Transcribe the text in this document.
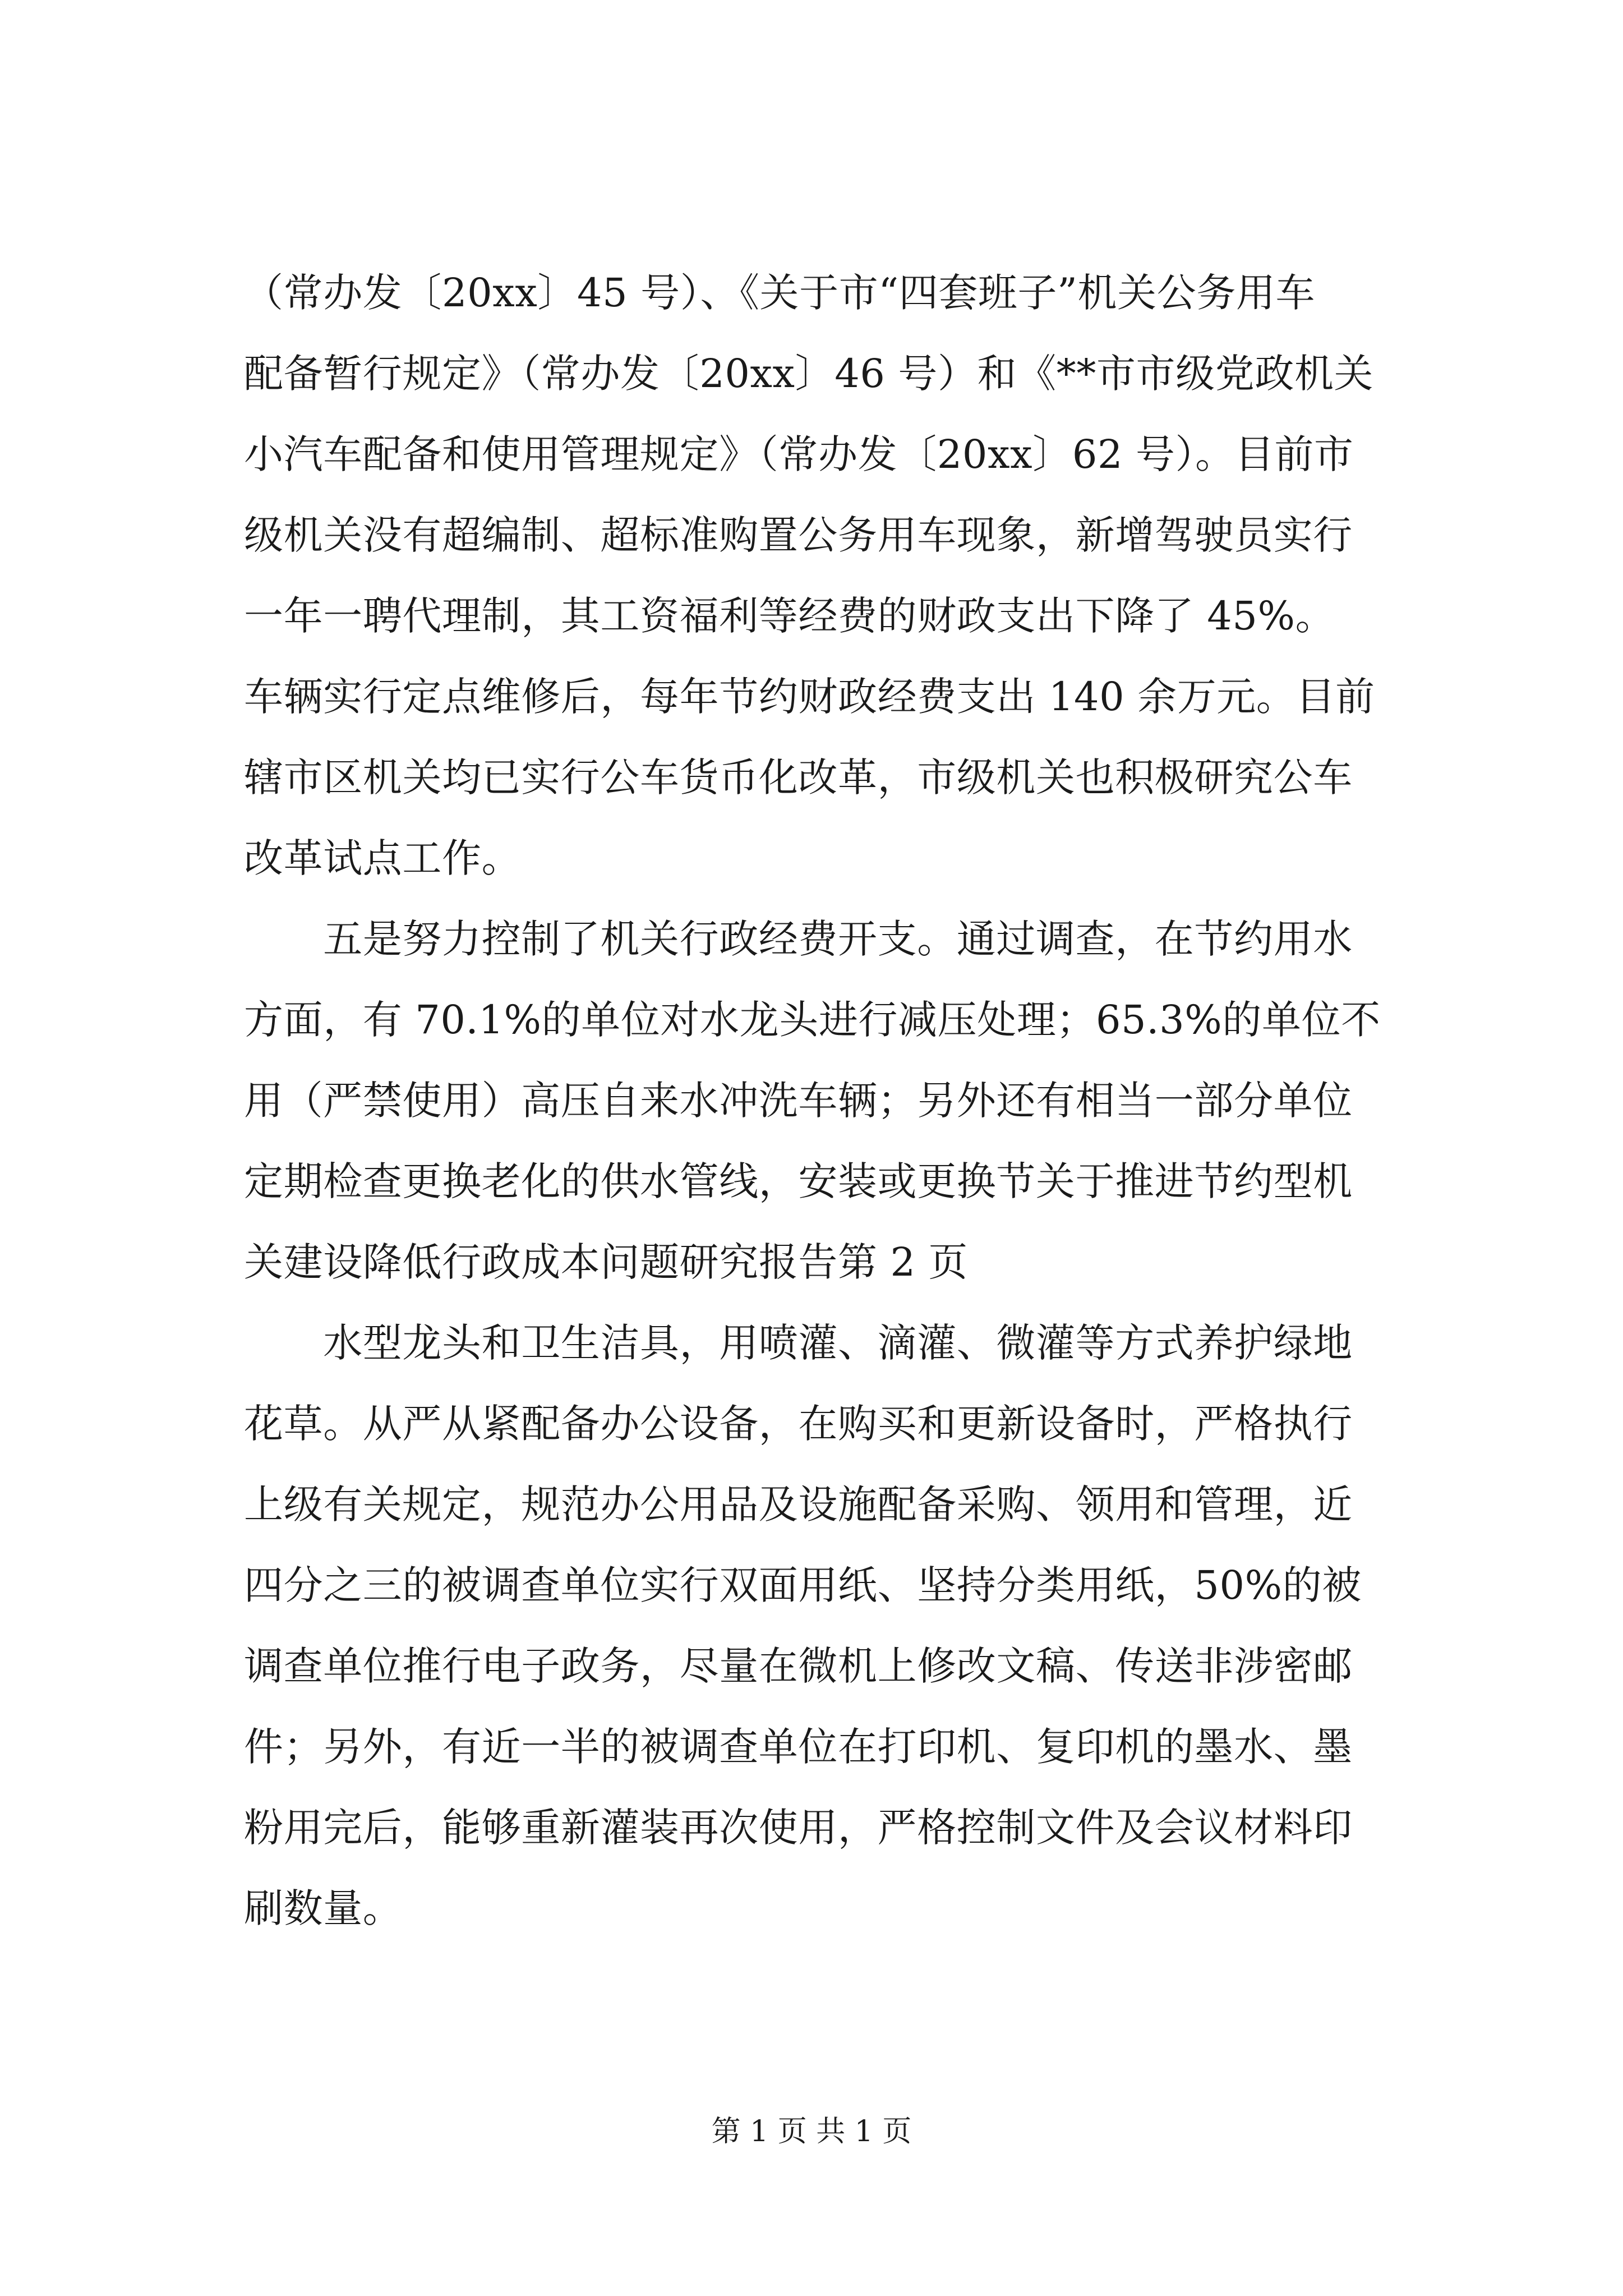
（常办发〔20xx〕45 号）、《关于市“四套班子”机关公务用车
配备暂行规定》（常办发〔20xx〕46 号）和《**市市级党政机关
小汽车配备和使用管理规定》（常办发〔20xx〕62 号）。目前市
级机关没有超编制、超标准购置公务用车现象，新增驾驶员实行
一年一聘代理制，其工资福利等经费的财政支出下降了 45%。
车辆实行定点维修后，每年节约财政经费支出 140 余万元。目前
辖市区机关均已实行公车货币化改革，市级机关也积极研究公车
改革试点工作。
　　五是努力控制了机关行政经费开支。通过调查，在节约用水
方面，有 70.1%的单位对水龙头进行减压处理；65.3%的单位不
用（严禁使用）高压自来水冲洗车辆；另外还有相当一部分单位
定期检查更换老化的供水管线，安装或更换节关于推进节约型机
关建设降低行政成本问题研究报告第 2 页
　　水型龙头和卫生洁具，用喷灌、滴灌、微灌等方式养护绿地
花草。从严从紧配备办公设备，在购买和更新设备时，严格执行
上级有关规定，规范办公用品及设施配备采购、领用和管理，近
四分之三的被调查单位实行双面用纸、坚持分类用纸，50%的被
调查单位推行电子政务，尽量在微机上修改文稿、传送非涉密邮
件；另外，有近一半的被调查单位在打印机、复印机的墨水、墨
粉用完后，能够重新灌装再次使用，严格控制文件及会议材料印
刷数量。
第 1 页 共 1 页
